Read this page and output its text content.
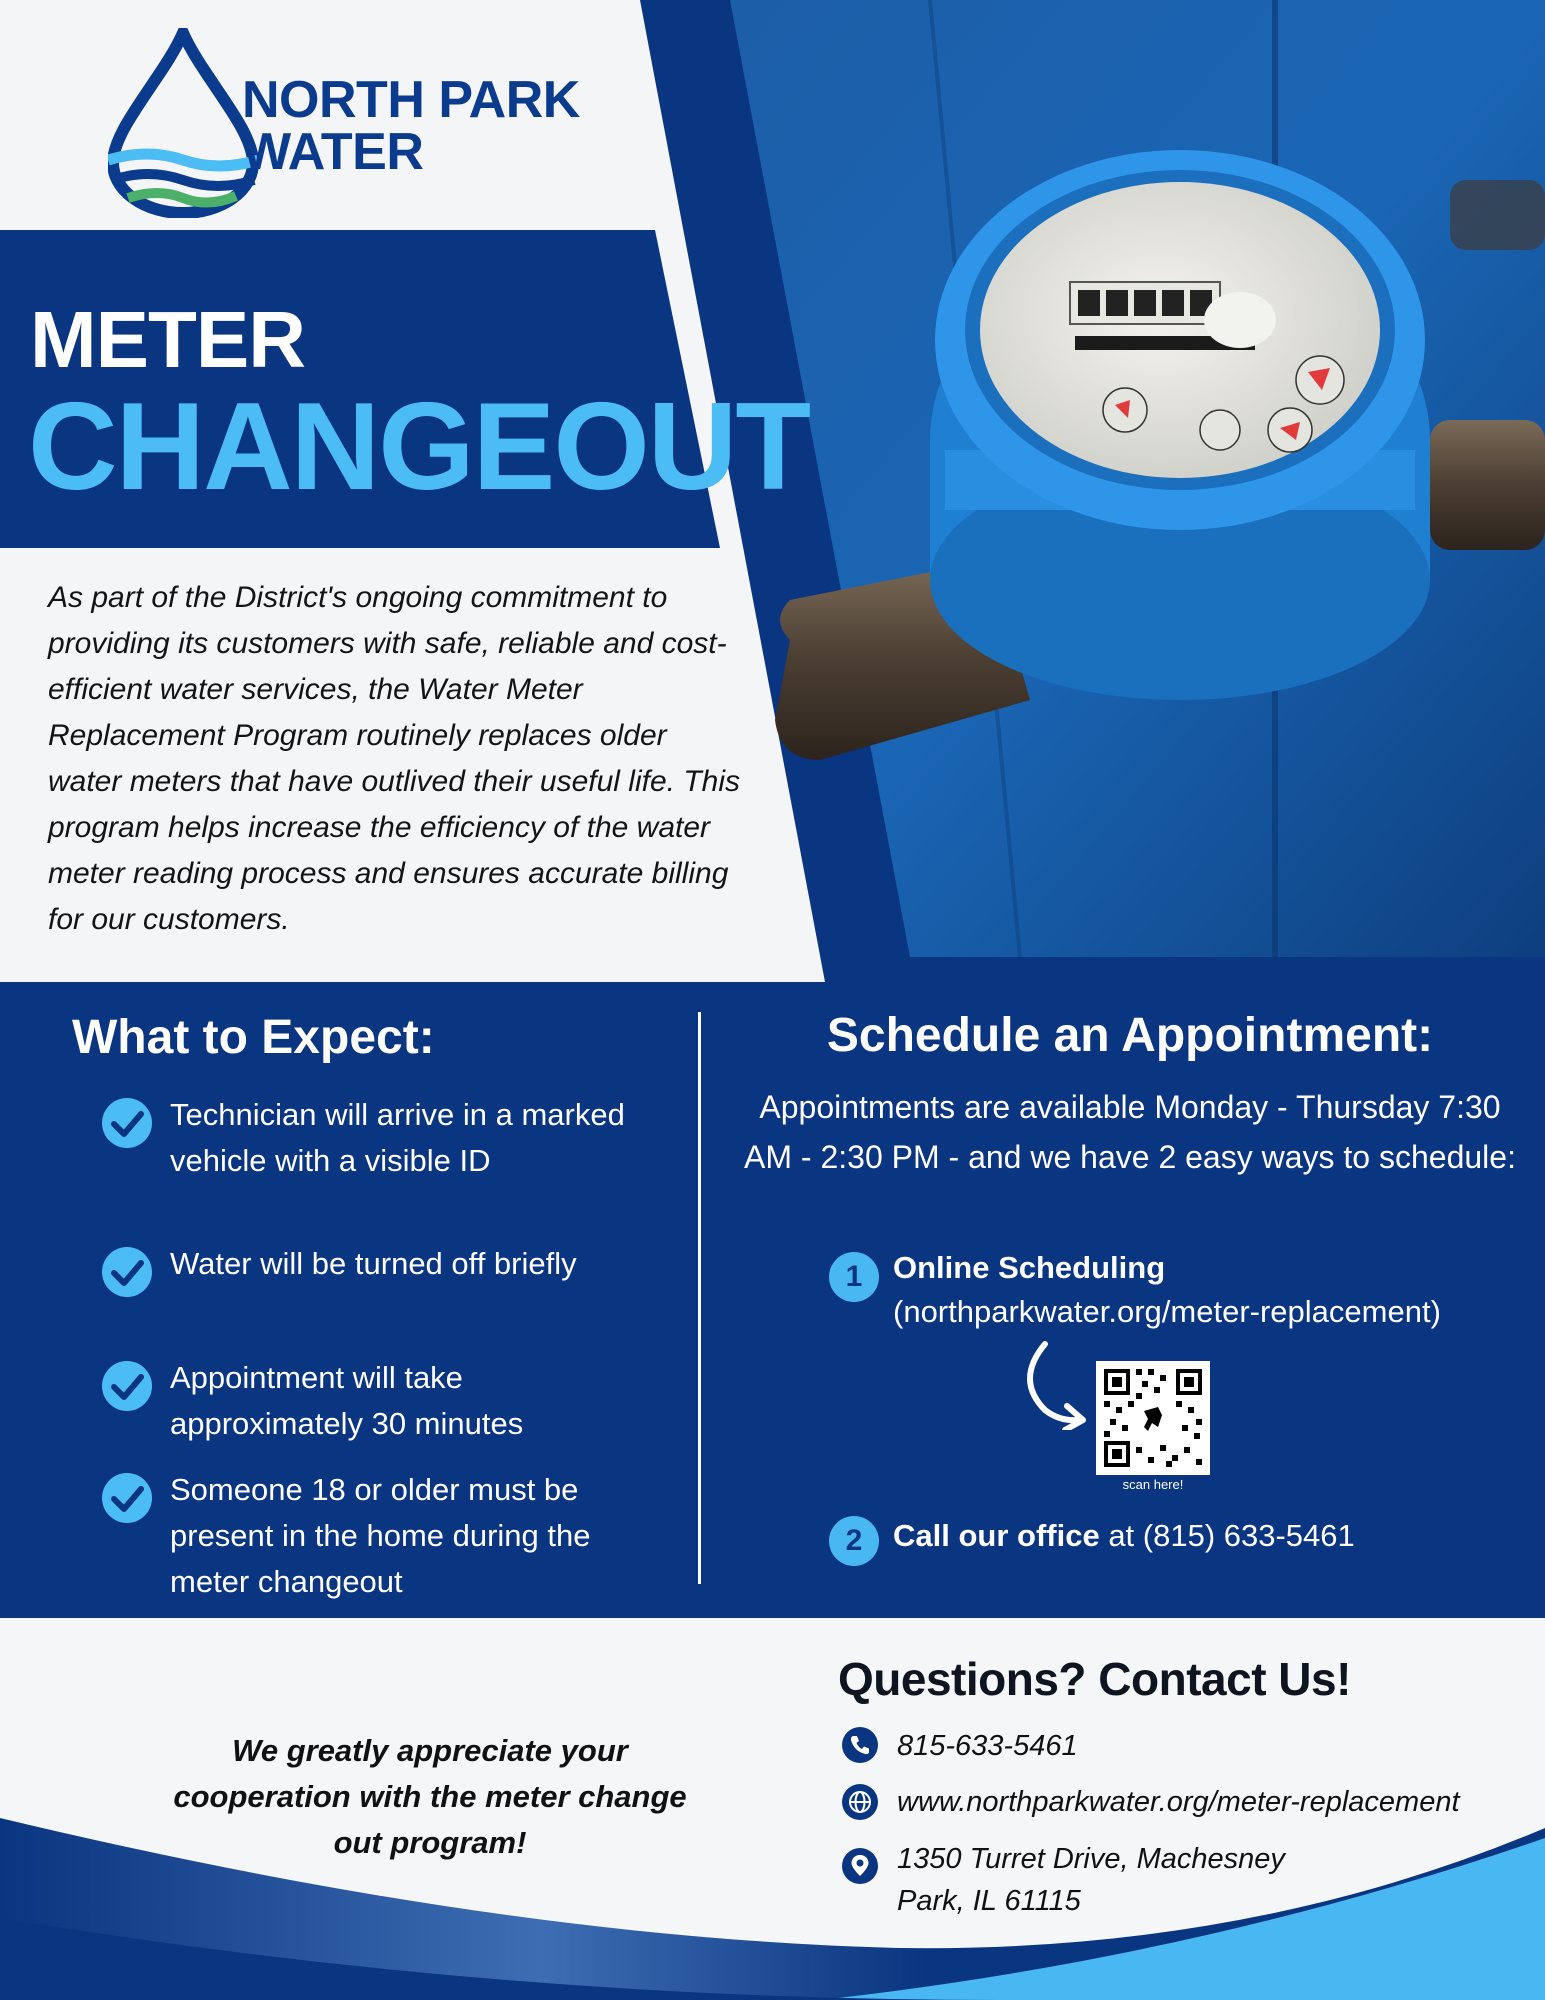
NORTH PARK
WATER
METER
CHANGEOUT
As part of the District's ongoing commitment to providing its customers with safe, reliable and cost-efficient water services, the Water Meter Replacement Program routinely replaces older water meters that have outlived their useful life. This program helps increase the efficiency of the water meter reading process and ensures accurate billing for our customers.
What to Expect:
Technician will arrive in a marked vehicle with a visible ID
Water will be turned off briefly
Appointment will take approximately 30 minutes
Someone 18 or older must be present in the home during the meter changeout
Schedule an Appointment:
Appointments are available Monday - Thursday 7:30 AM - 2:30 PM - and we have 2 easy ways to schedule:
1 Online Scheduling
(northparkwater.org/meter-replacement)
scan here!
2 Call our office at (815) 633-5461
We greatly appreciate your cooperation with the meter change out program!
Questions? Contact Us!
815-633-5461
www.northparkwater.org/meter-replacement
1350 Turret Drive, Machesney
Park, IL 61115
